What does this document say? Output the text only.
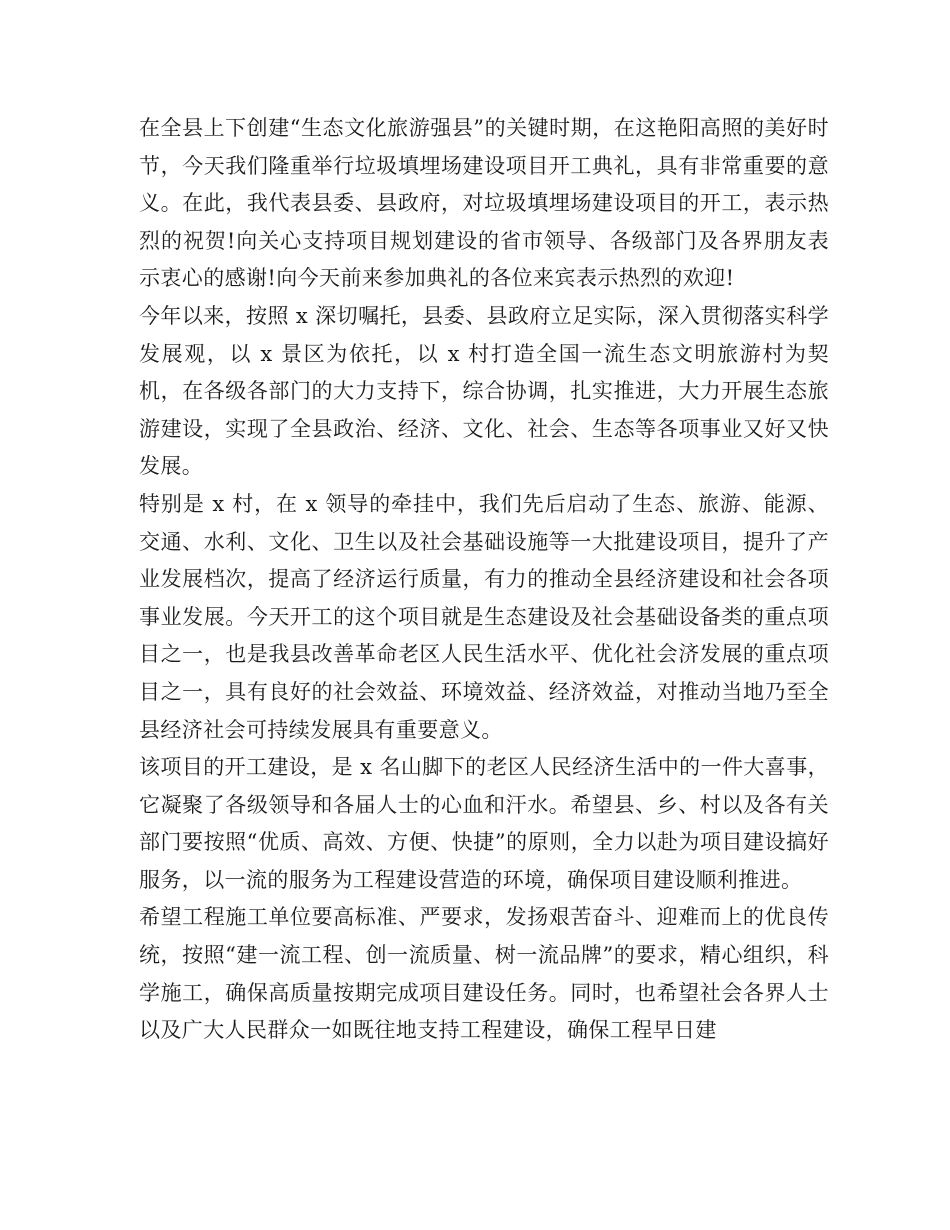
在全县上下创建“生态文化旅游强县”的关键时期，在这艳阳高照的美好时节，今天我们隆重举行垃圾填埋场建设项目开工典礼，具有非常重要的意义。在此，我代表县委、县政府，对垃圾填埋场建设项目的开工，表示热烈的祝贺!向关心支持项目规划建设的省市领导、各级部门及各界朋友表示衷心的感谢!向今天前来参加典礼的各位来宾表示热烈的欢迎!

今年以来，按照 x 深切嘱托，县委、县政府立足实际，深入贯彻落实科学发展观，以 x 景区为依托，以 x 村打造全国一流生态文明旅游村为契机，在各级各部门的大力支持下，综合协调，扎实推进，大力开展生态旅游建设，实现了全县政治、经济、文化、社会、生态等各项事业又好又快发展。

特别是 x 村，在 x 领导的牵挂中，我们先后启动了生态、旅游、能源、交通、水利、文化、卫生以及社会基础设施等一大批建设项目，提升了产业发展档次，提高了经济运行质量，有力的推动全县经济建设和社会各项事业发展。今天开工的这个项目就是生态建设及社会基础设备类的重点项目之一，也是我县改善革命老区人民生活水平、优化社会济发展的重点项目之一，具有良好的社会效益、环境效益、经济效益，对推动当地乃至全县经济社会可持续发展具有重要意义。

该项目的开工建设，是 x 名山脚下的老区人民经济生活中的一件大喜事，它凝聚了各级领导和各届人士的心血和汗水。希望县、乡、村以及各有关部门要按照“优质、高效、方便、快捷”的原则，全力以赴为项目建设搞好服务，以一流的服务为工程建设营造的环境，确保项目建设顺利推进。

希望工程施工单位要高标准、严要求，发扬艰苦奋斗、迎难而上的优良传统，按照“建一流工程、创一流质量、树一流品牌”的要求，精心组织，科学施工，确保高质量按期完成项目建设任务。同时，也希望社会各界人士以及广大人民群众一如既往地支持工程建设，确保工程早日建
